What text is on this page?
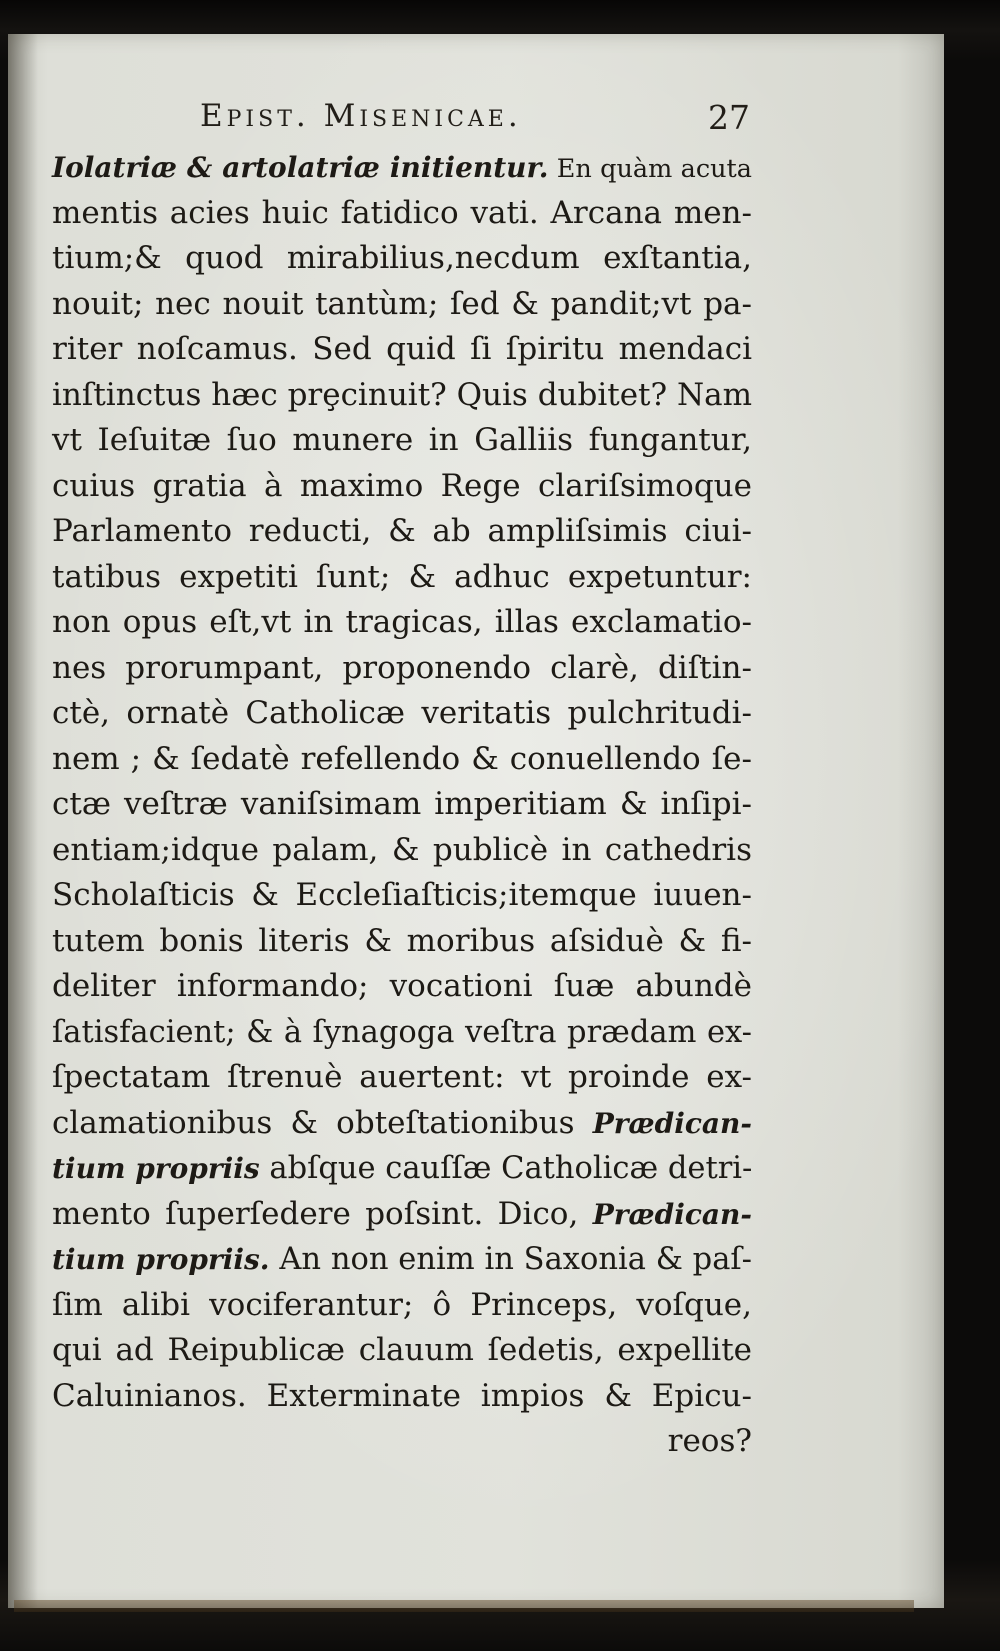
Epist. Misenicae.	27
Iolatriæ & artolatriæ initientur. En quàm acuta
mentis acies huic fatidico vati. Arcana men-
tium;& quod mirabilius,necdum exſtantia,
nouit; nec nouit tantùm; ſed & pandit;vt pa-
riter noſcamus. Sed quid ſi ſpiritu mendaci
inſtinctus hæc prȩcinuit? Quis dubitet? Nam
vt Ieſuitæ ſuo munere in Galliis fungantur,
cuius gratia à maximo Rege clariſsimoque
Parlamento reducti, & ab ampliſsimis ciui-
tatibus expetiti ſunt; & adhuc expetuntur:
non opus eſt,vt in tragicas, illas exclamatio-
nes prorumpant, proponendo clarè, diſtin-
ctè, ornatè Catholicæ veritatis pulchritudi-
nem ; & ſedatè refellendo & conuellendo ſe-
ctæ veſtræ vaniſsimam imperitiam & inſipi-
entiam;idque palam, & publicè in cathedris
Scholaſticis & Eccleſiaſticis;itemque iuuen-
tutem bonis literis & moribus aſsiduè & fi-
deliter informando; vocationi ſuæ abundè
ſatisfacient; & à ſynagoga veſtra prædam ex-
ſpectatam ſtrenuè auertent: vt proinde ex-
clamationibus & obteſtationibus Prædican-
tium propriis abſque cauſſæ Catholicæ detri-
mento ſuperſedere poſsint. Dico, Prædican-
tium propriis. An non enim in Saxonia & paſ-
ſim alibi vociferantur; ô Princeps, voſque,
qui ad Reipublicæ clauum ſedetis, expellite
Caluinianos. Exterminate impios & Epicu-
reos?
